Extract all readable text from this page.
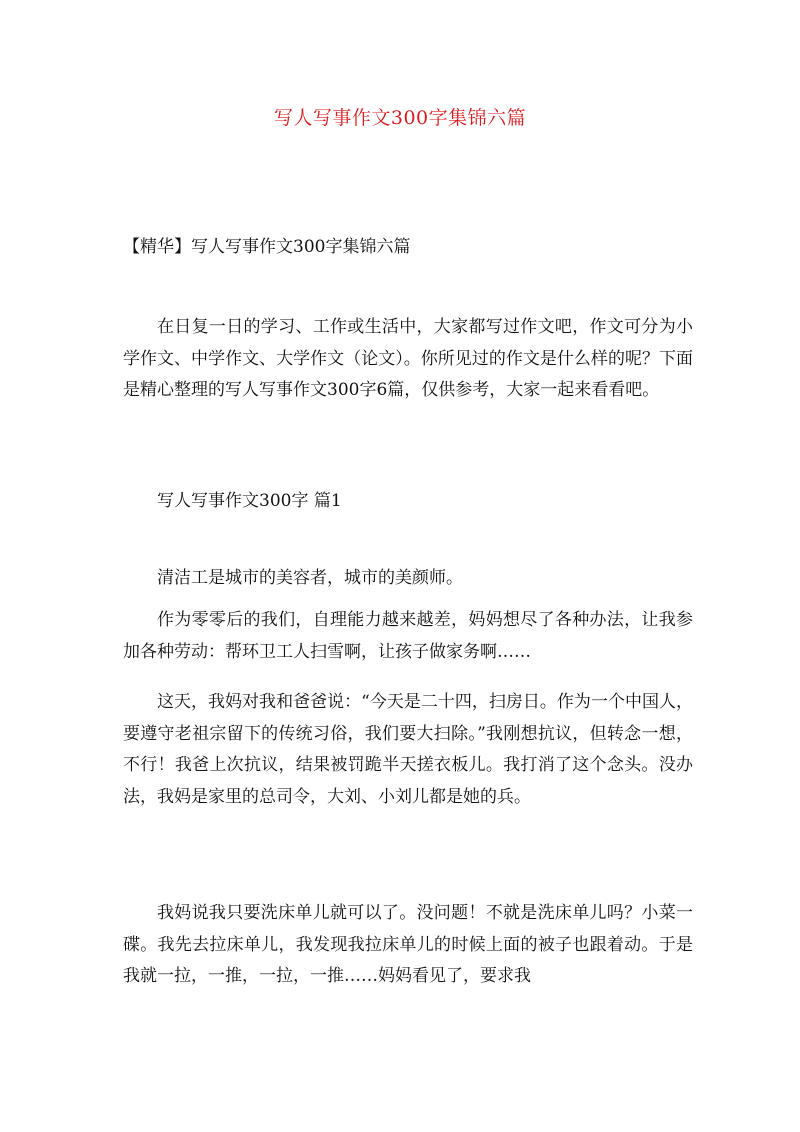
写人写事作文300字集锦六篇
【精华】写人写事作文300字集锦六篇

在日复一日的学习、工作或生活中，大家都写过作文吧，作文可分为小学作文、中学作文、大学作文（论文）。你所见过的作文是什么样的呢？下面是精心整理的写人写事作文300字6篇，仅供参考，大家一起来看看吧。

写人写事作文300字 篇1

清洁工是城市的美容者，城市的美颜师。

作为零零后的我们，自理能力越来越差，妈妈想尽了各种办法，让我参加各种劳动：帮环卫工人扫雪啊，让孩子做家务啊……

这天，我妈对我和爸爸说：“今天是二十四，扫房日。作为一个中国人，要遵守老祖宗留下的传统习俗，我们要大扫除。”我刚想抗议，但转念一想，不行！我爸上次抗议，结果被罚跪半天搓衣板儿。我打消了这个念头。没办法，我妈是家里的总司令，大刘、小刘儿都是她的兵。

我妈说我只要洗床单儿就可以了。没问题！不就是洗床单儿吗？小菜一碟。我先去拉床单儿，我发现我拉床单儿的时候上面的被子也跟着动。于是我就一拉，一推，一拉，一推……妈妈看见了，要求我
